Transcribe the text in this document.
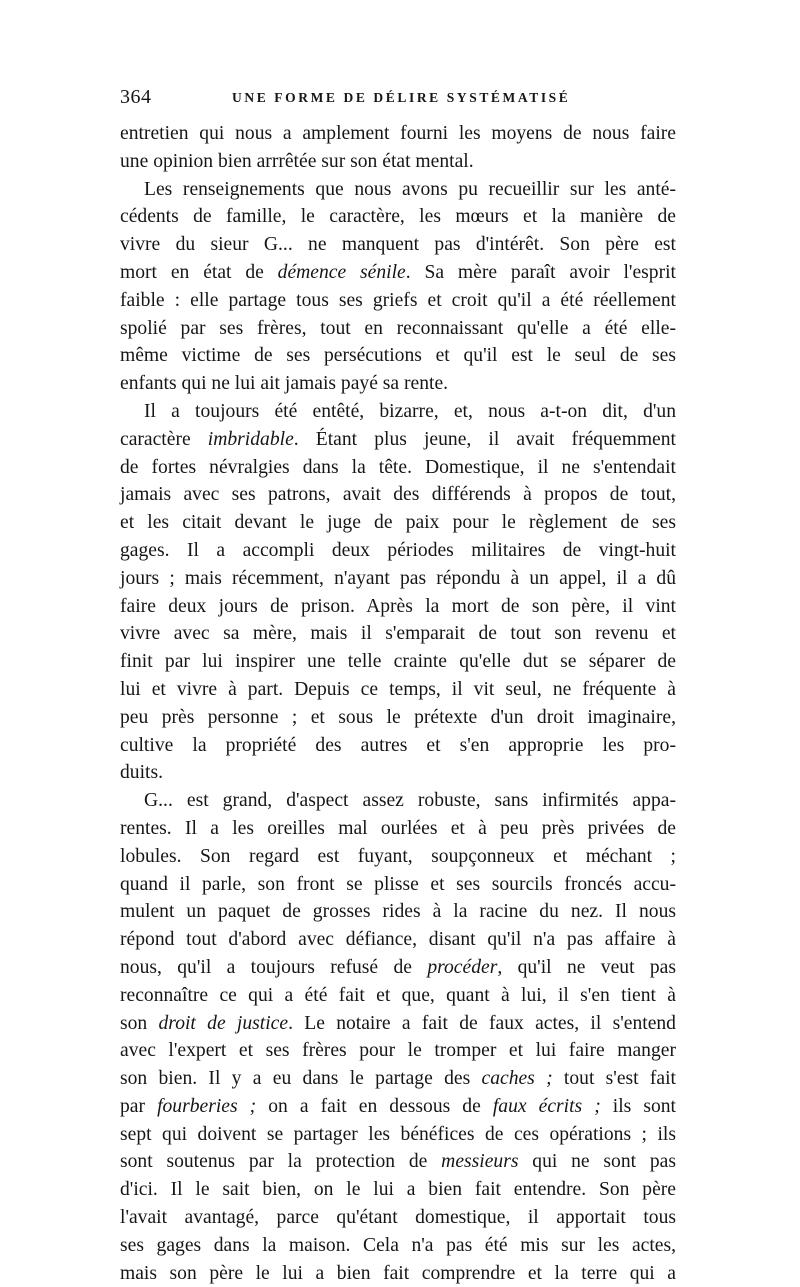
364	UNE FORME DE DÉLIRE SYSTÉMATISÉ
entretien qui nous a amplement fourni les moyens de nous faire
une opinion bien arrrêtée sur son état mental.
Les renseignements que nous avons pu recueillir sur les anté-
cédents de famille, le caractère, les mœurs et la manière de
vivre du sieur G... ne manquent pas d'intérêt. Son père est
mort en état de démence sénile. Sa mère paraît avoir l'esprit
faible : elle partage tous ses griefs et croit qu'il a été réellement
spolié par ses frères, tout en reconnaissant qu'elle a été elle-
même victime de ses persécutions et qu'il est le seul de ses
enfants qui ne lui ait jamais payé sa rente.
Il a toujours été entêté, bizarre, et, nous a-t-on dit, d'un
caractère imbridable. Étant plus jeune, il avait fréquemment
de fortes névralgies dans la tête. Domestique, il ne s'entendait
jamais avec ses patrons, avait des différends à propos de tout,
et les citait devant le juge de paix pour le règlement de ses
gages. Il a accompli deux périodes militaires de vingt-huit
jours ; mais récemment, n'ayant pas répondu à un appel, il a dû
faire deux jours de prison. Après la mort de son père, il vint
vivre avec sa mère, mais il s'emparait de tout son revenu et
finit par lui inspirer une telle crainte qu'elle dut se séparer de
lui et vivre à part. Depuis ce temps, il vit seul, ne fréquente à
peu près personne ; et sous le prétexte d'un droit imaginaire,
cultive la propriété des autres et s'en approprie les pro-
duits.
G... est grand, d'aspect assez robuste, sans infirmités appa-
rentes. Il a les oreilles mal ourlées et à peu près privées de
lobules. Son regard est fuyant, soupçonneux et méchant ;
quand il parle, son front se plisse et ses sourcils froncés accu-
mulent un paquet de grosses rides à la racine du nez. Il nous
répond tout d'abord avec défiance, disant qu'il n'a pas affaire à
nous, qu'il a toujours refusé de procéder, qu'il ne veut pas
reconnaître ce qui a été fait et que, quant à lui, il s'en tient à
son droit de justice. Le notaire a fait de faux actes, il s'entend
avec l'expert et ses frères pour le tromper et lui faire manger
son bien. Il y a eu dans le partage des caches ; tout s'est fait
par fourberies ; on a fait en dessous de faux écrits ; ils sont
sept qui doivent se partager les bénéfices de ces opérations ; ils
sont soutenus par la protection de messieurs qui ne sont pas
d'ici. Il le sait bien, on le lui a bien fait entendre. Son père
l'avait avantagé, parce qu'étant domestique, il apportait tous
ses gages dans la maison. Cela n'a pas été mis sur les actes,
mais son père le lui a bien fait comprendre et la terre qui a
